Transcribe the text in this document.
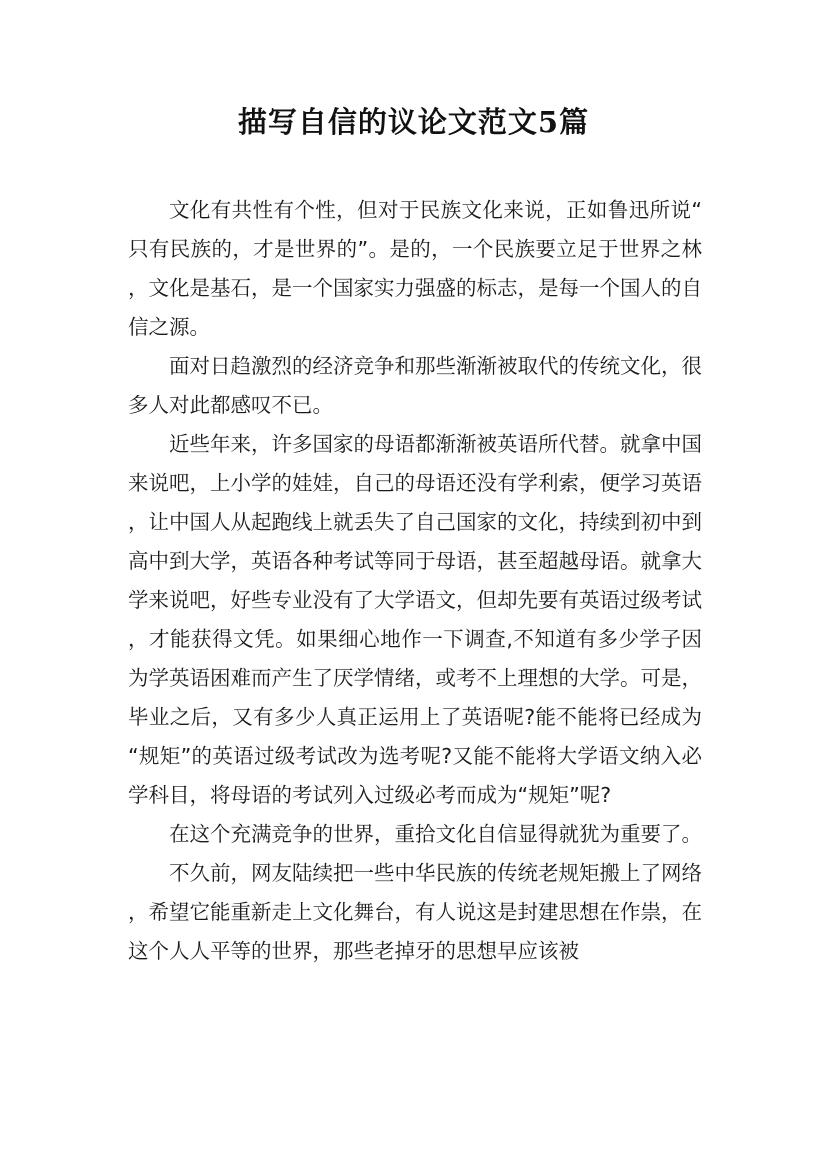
描写自信的议论文范文5篇

文化有共性有个性，但对于民族文化来说，正如鲁迅所说“只有民族的，才是世界的”。是的，一个民族要立足于世界之林，文化是基石，是一个国家实力强盛的标志，是每一个国人的自信之源。

面对日趋激烈的经济竞争和那些渐渐被取代的传统文化，很多人对此都感叹不已。

近些年来，许多国家的母语都渐渐被英语所代替。就拿中国来说吧，上小学的娃娃，自己的母语还没有学利索，便学习英语，让中国人从起跑线上就丢失了自己国家的文化，持续到初中到高中到大学，英语各种考试等同于母语，甚至超越母语。就拿大学来说吧，好些专业没有了大学语文，但却先要有英语过级考试，才能获得文凭。如果细心地作一下调查,不知道有多少学子因为学英语困难而产生了厌学情绪，或考不上理想的大学。可是，毕业之后，又有多少人真正运用上了英语呢?能不能将已经成为“规矩”的英语过级考试改为选考呢?又能不能将大学语文纳入必学科目，将母语的考试列入过级必考而成为“规矩”呢?

在这个充满竞争的世界，重拾文化自信显得就犹为重要了。

不久前，网友陆续把一些中华民族的传统老规矩搬上了网络，希望它能重新走上文化舞台，有人说这是封建思想在作祟，在这个人人平等的世界，那些老掉牙的思想早应该被
